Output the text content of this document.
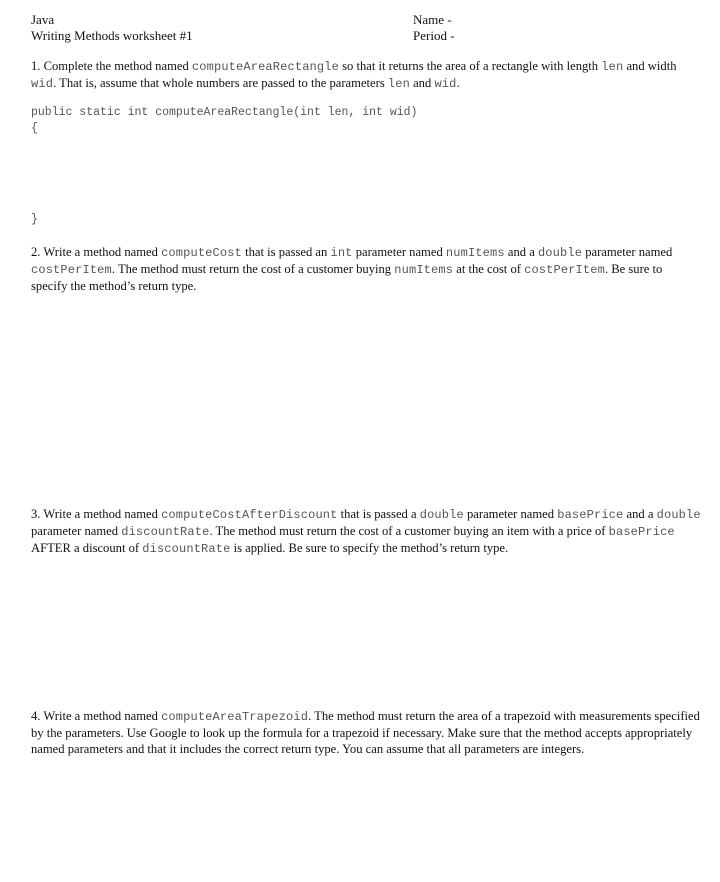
Java
Writing Methods worksheet #1
Name -
Period -

1. Complete the method named computeAreaRectangle so that it returns the area of a rectangle with length len and width wid. That is, assume that whole numbers are passed to the parameters len and wid.

public static int computeAreaRectangle(int len, int wid)

{

}

2. Write a method named computeCost that is passed an int parameter named numItems and a double parameter named costPerItem. The method must return the cost of a customer buying numItems at the cost of costPerItem. Be sure to specify the method’s return type.

3. Write a method named computeCostAfterDiscount that is passed a double parameter named basePrice and a double parameter named discountRate. The method must return the cost of a customer buying an item with a price of basePrice AFTER a discount of discountRate is applied. Be sure to specify the method’s return type.

4. Write a method named computeAreaTrapezoid. The method must return the area of a trapezoid with measurements specified by the parameters. Use Google to look up the formula for a trapezoid if necessary. Make sure that the method accepts appropriately named parameters and that it includes the correct return type. You can assume that all parameters are integers.
